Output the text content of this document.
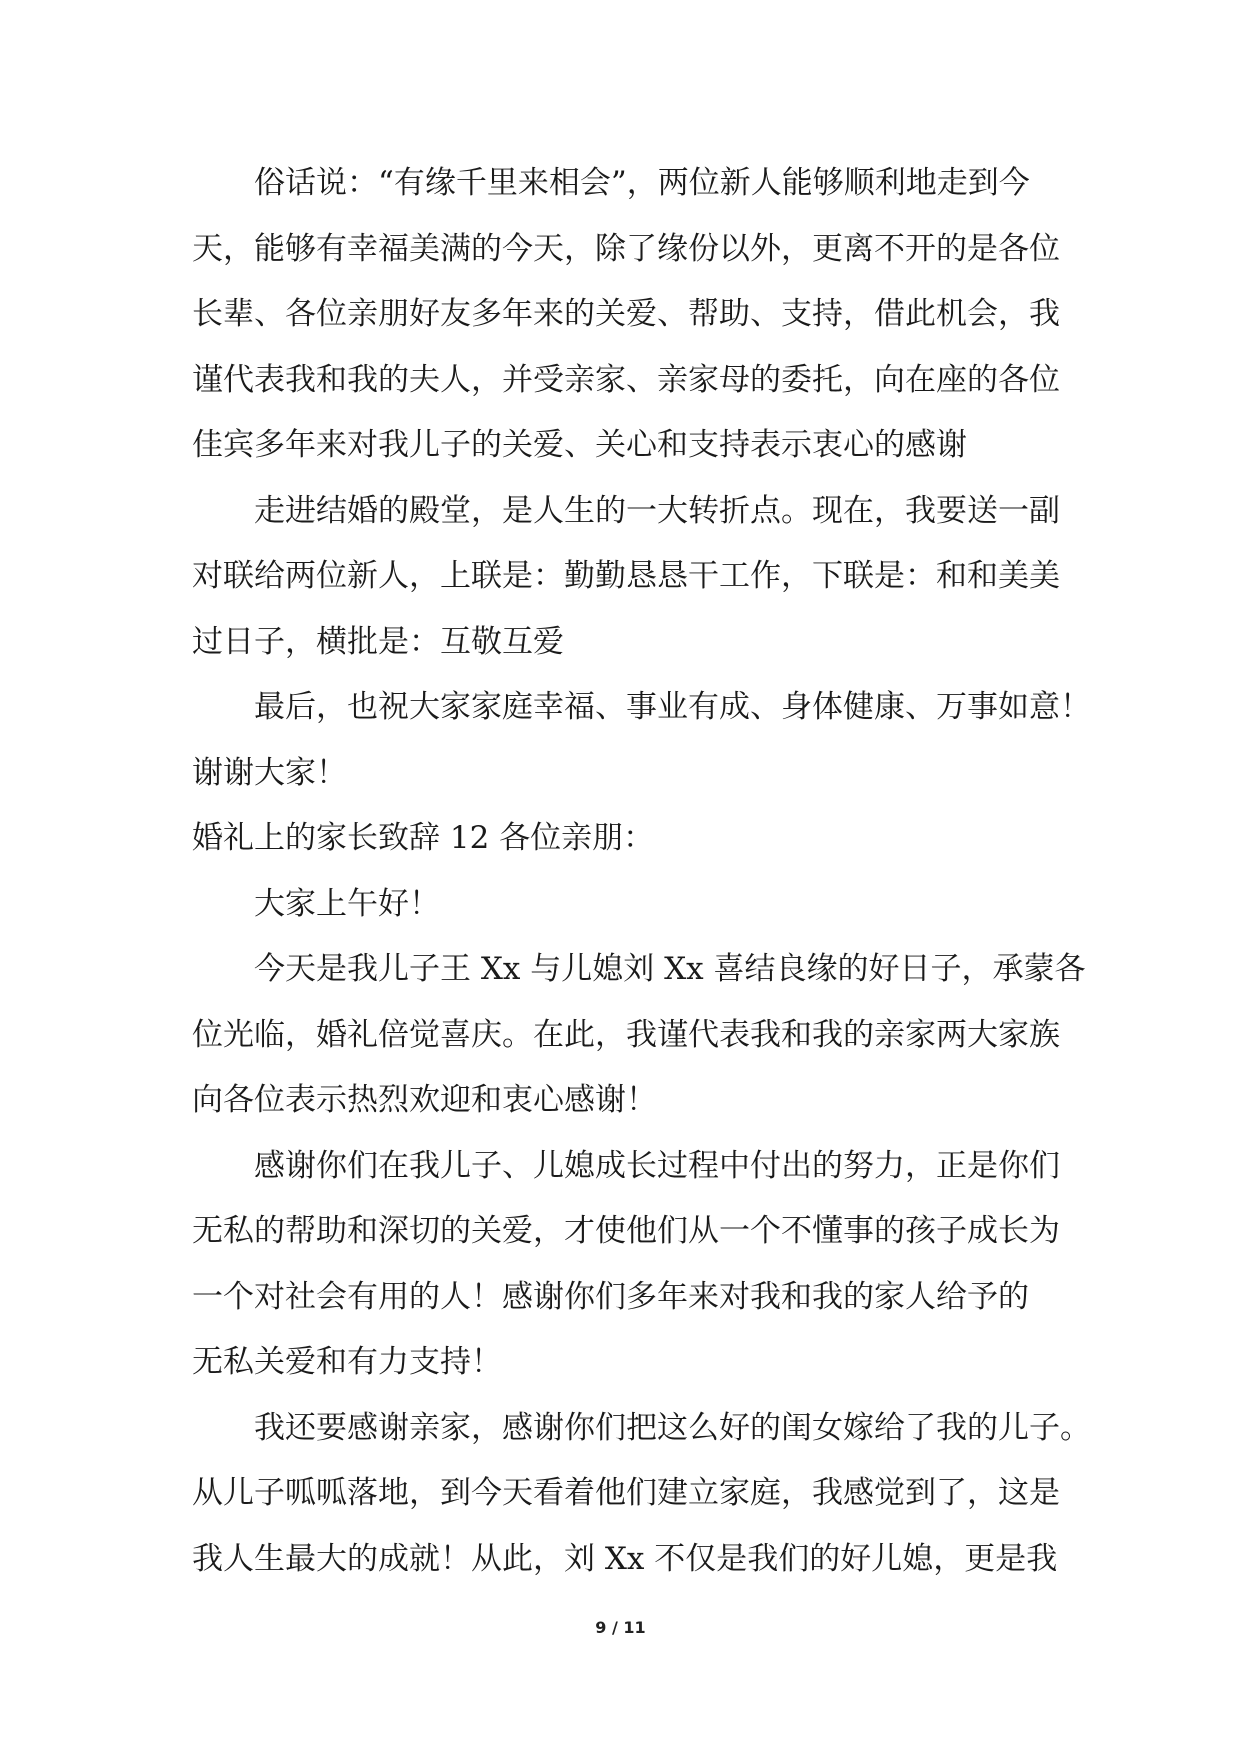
俗话说：“有缘千里来相会”，两位新人能够顺利地走到今
天，能够有幸福美满的今天，除了缘份以外，更离不开的是各位
长辈、各位亲朋好友多年来的关爱、帮助、支持，借此机会，我
谨代表我和我的夫人，并受亲家、亲家母的委托，向在座的各位
佳宾多年来对我儿子的关爱、关心和支持表示衷心的感谢
走进结婚的殿堂，是人生的一大转折点。现在，我要送一副
对联给两位新人，上联是：勤勤恳恳干工作，下联是：和和美美
过日子，横批是：互敬互爱
最后，也祝大家家庭幸福、事业有成、身体健康、万事如意！
谢谢大家！
婚礼上的家长致辞 12 各位亲朋：
大家上午好！
今天是我儿子王 Xx 与儿媳刘 Xx 喜结良缘的好日子，承蒙各
位光临，婚礼倍觉喜庆。在此，我谨代表我和我的亲家两大家族
向各位表示热烈欢迎和衷心感谢！
感谢你们在我儿子、儿媳成长过程中付出的努力，正是你们
无私的帮助和深切的关爱，才使他们从一个不懂事的孩子成长为
一个对社会有用的人！感谢你们多年来对我和我的家人给予的
无私关爱和有力支持！
我还要感谢亲家，感谢你们把这么好的闺女嫁给了我的儿子。
从儿子呱呱落地，到今天看着他们建立家庭，我感觉到了，这是
我人生最大的成就！从此，刘 Xx 不仅是我们的好儿媳，更是我
9 / 11
